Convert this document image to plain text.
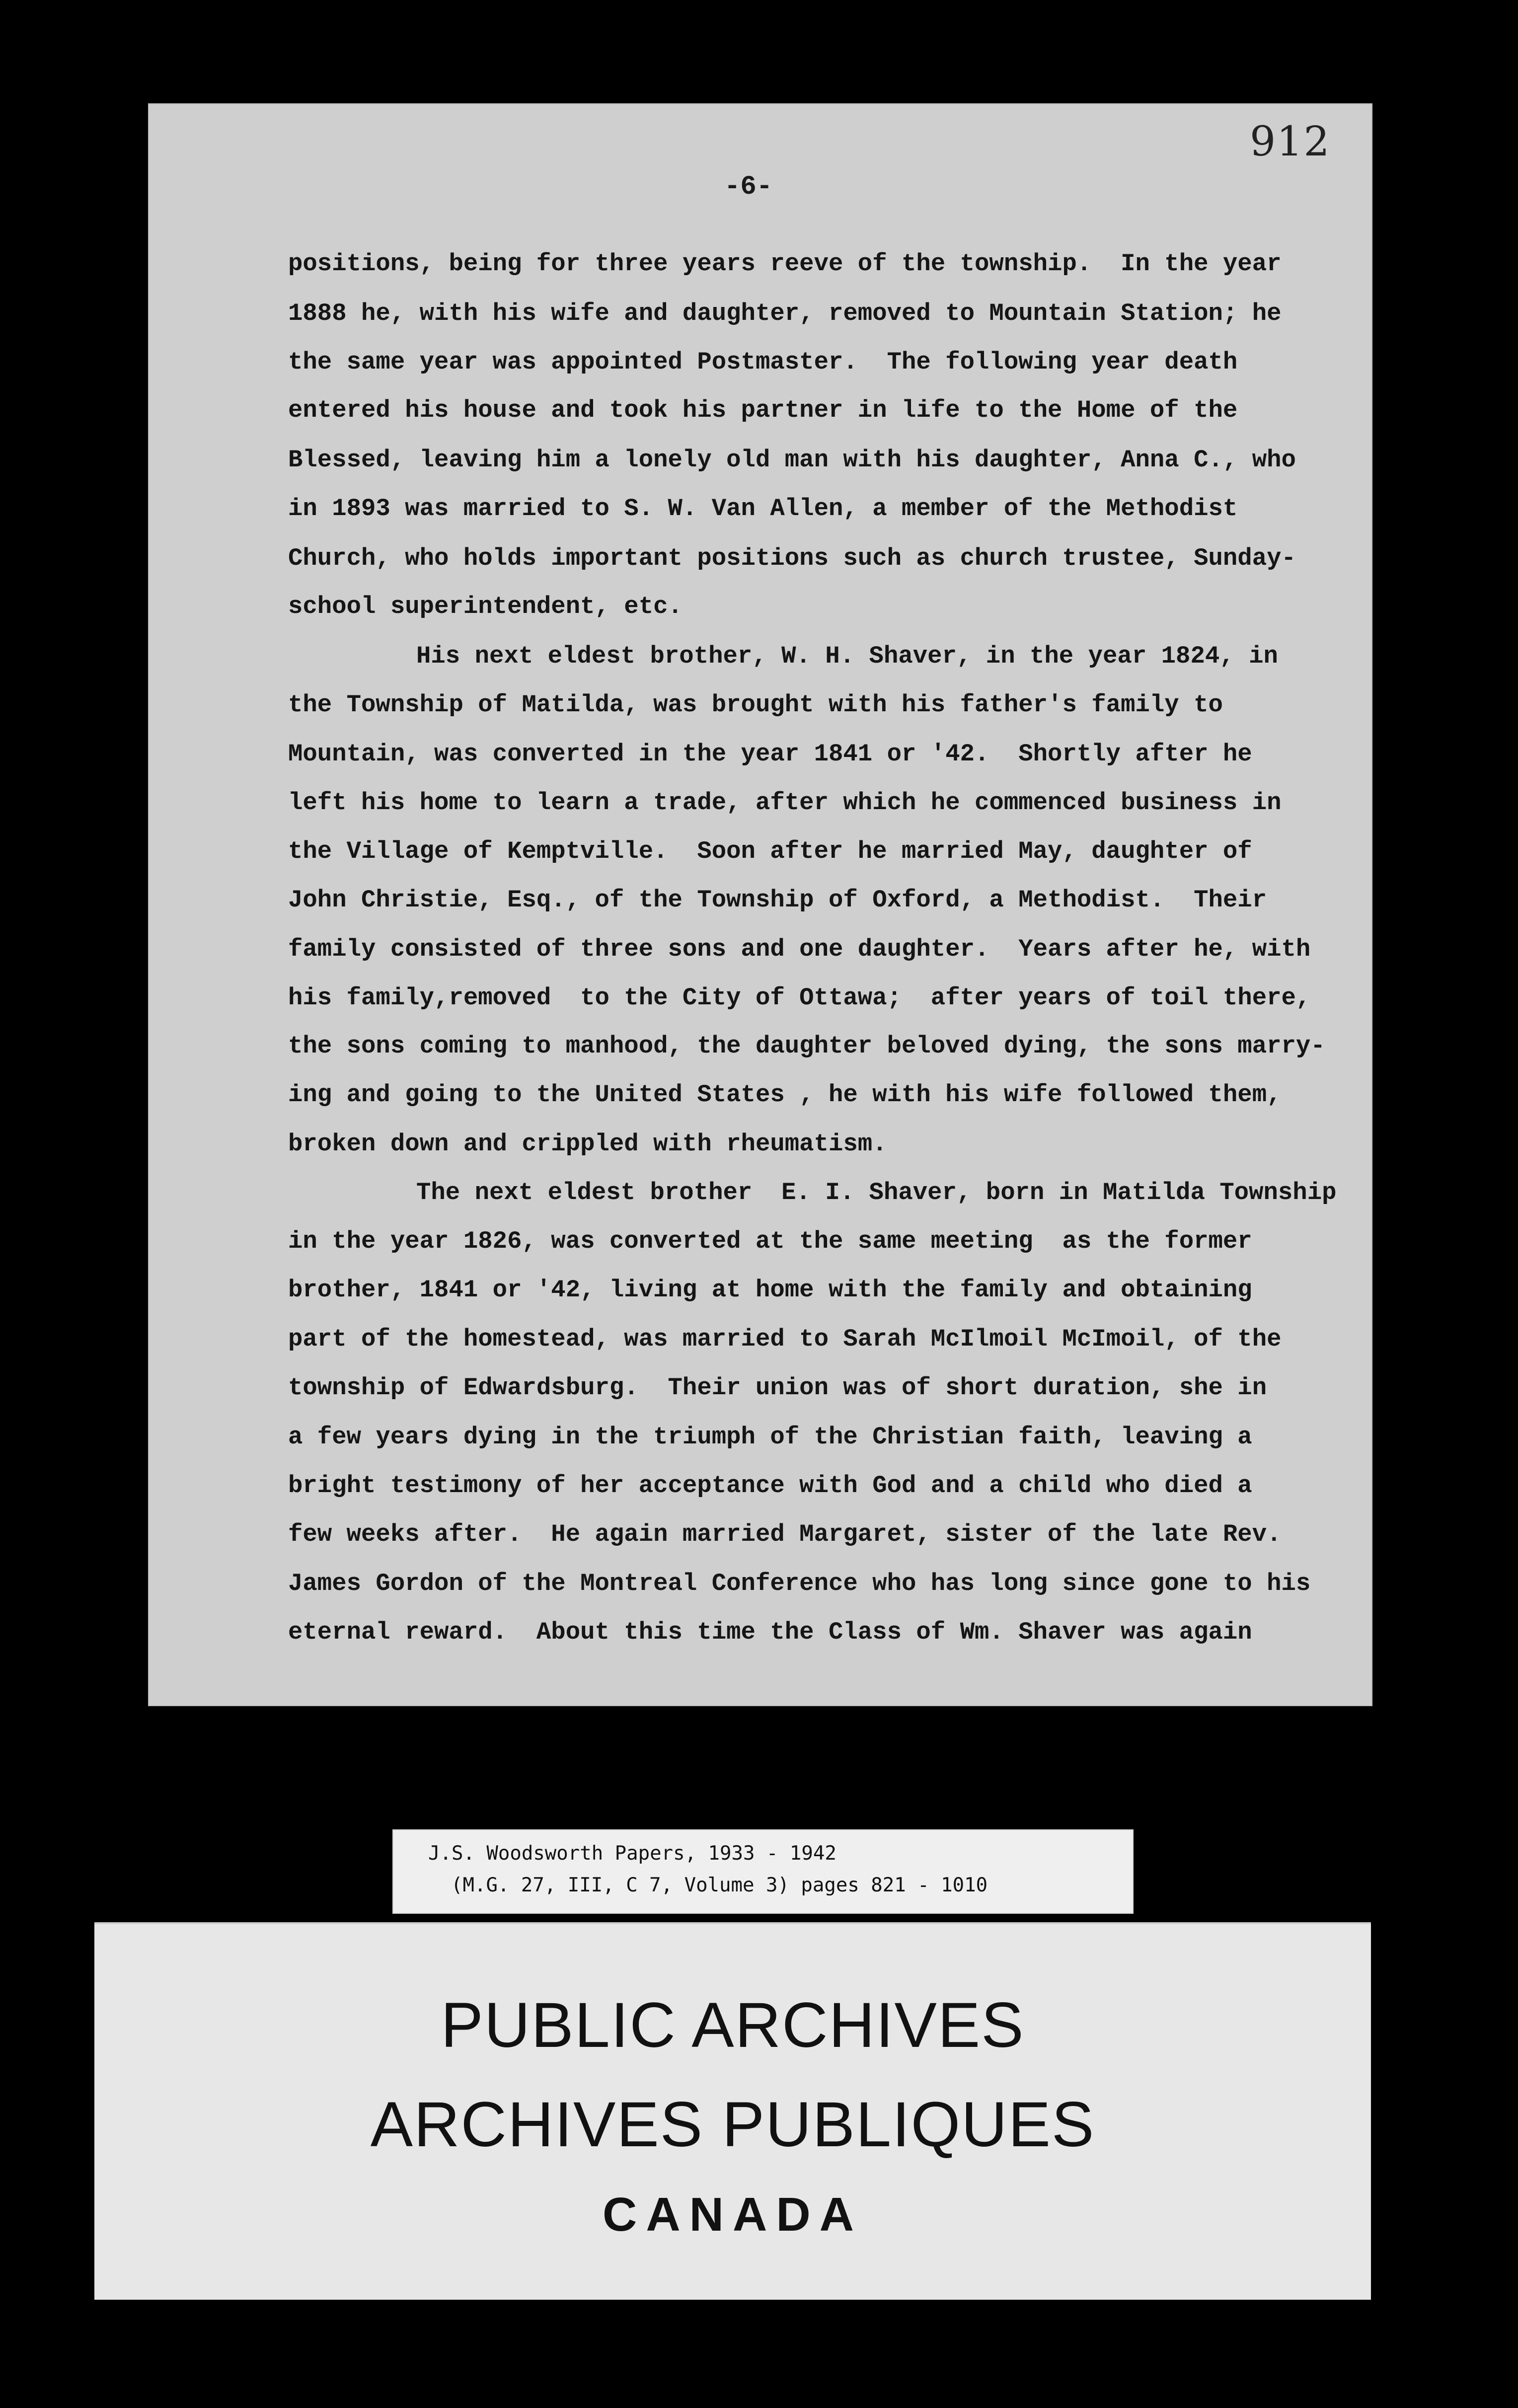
912
-6-
positions, being for three years reeve of the township.  In the year
1888 he, with his wife and daughter, removed to Mountain Station; he
the same year was appointed Postmaster.  The following year death
entered his house and took his partner in life to the Home of the
Blessed, leaving him a lonely old man with his daughter, Anna C., who
in 1893 was married to S. W. Van Allen, a member of the Methodist
Church, who holds important positions such as church trustee, Sunday-
school superintendent, etc.
His next eldest brother, W. H. Shaver, in the year 1824, in
the Township of Matilda, was brought with his father's family to
Mountain, was converted in the year 1841 or '42.  Shortly after he
left his home to learn a trade, after which he commenced business in
the Village of Kemptville.  Soon after he married May, daughter of
John Christie, Esq., of the Township of Oxford, a Methodist.  Their
family consisted of three sons and one daughter.  Years after he, with
his family,removed  to the City of Ottawa;  after years of toil there,
the sons coming to manhood, the daughter beloved dying, the sons marry-
ing and going to the United States , he with his wife followed them,
broken down and crippled with rheumatism.
The next eldest brother  E. I. Shaver, born in Matilda Township
in the year 1826, was converted at the same meeting  as the former
brother, 1841 or '42, living at home with the family and obtaining
part of the homestead, was married to Sarah McIlmoil McImoil, of the
township of Edwardsburg.  Their union was of short duration, she in
a few years dying in the triumph of the Christian faith, leaving a
bright testimony of her acceptance with God and a child who died a
few weeks after.  He again married Margaret, sister of the late Rev.
James Gordon of the Montreal Conference who has long since gone to his
eternal reward.  About this time the Class of Wm. Shaver was again
J.S. Woodsworth Papers, 1933 - 1942
(M.G. 27, III, C 7, Volume 3) pages 821 - 1010
PUBLIC ARCHIVES
ARCHIVES PUBLIQUES
CANADA
